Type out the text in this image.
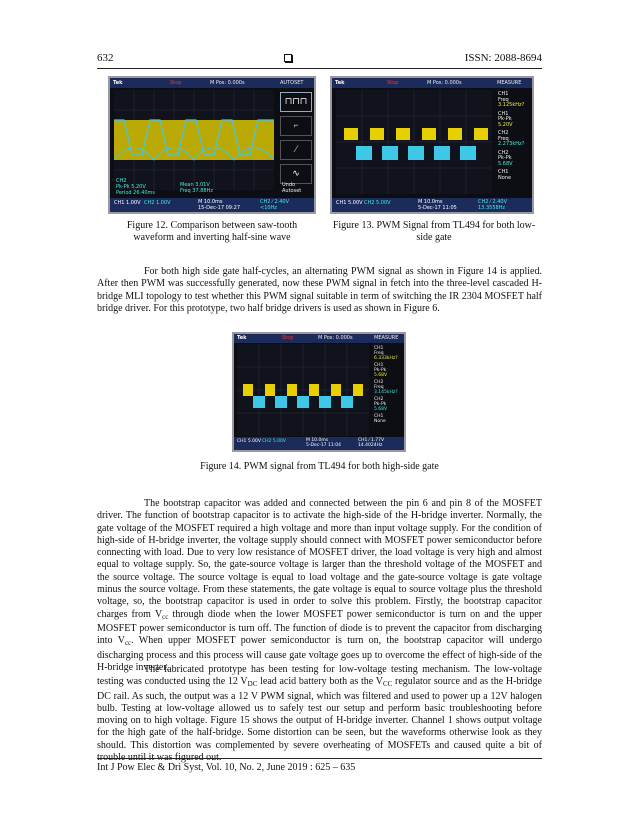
632	ISSN: 2088-8694
Tek	Stop	M Pos: 0.000s	AUTOSET
⊓⊓⊓
⌐
⁄
∿
CH2
Pk-Pk 5.20V
Period 26.40ms
Mean 3.01V
Freq 37.88Hz
Undo
Autoset
CH1 1.00V CH2 1.00V	M 10.0ms
15-Dec-17 09:27
CH2 ⁄ 2.40V
<10Hz
Tek	Stop	M Pos: 0.000s	MEASURE
CH1
Freq
3.125kHz?
CH1
Pk-Pk
5.20V
CH2
Freq
2.273kHz?
CH2
Pk-Pk
5.68V
CH1
None
CH1 5.00V CH2 5.00V	M 10.0ms
5-Dec-17 11:05
CH2 ⁄ 2.40V
13.3558Hz
Figure 12. Comparison between saw-tooth
waveform and inverting half-sine wave
Figure 13. PWM Signal from TL494 for both low-
side gate

For both high side gate half-cycles, an alternating PWM signal as shown in Figure 14 is applied. After then PWM was successfully generated, now these PWM signal in fetch into the three-level cascaded H-bridge MLI topology to test whether this PWM signal suitable in term of switching the IR 2304 MOSFET half bridge driver. For this prototype, two half bridge drivers is used as shown in Figure 6.

Tek	Stop	M Pos: 0.000s	MEASURE
CH1
Freq
6.333kHz?
CH1
Pk-Pk
5.68V
CH2
Freq
3.145kHz?
CH2
Pk-Pk
5.68V
CH1
None
CH1 5.00V CH2 5.00V	M 10.0ms
5-Dec-17 11:04
CH1 ⁄ 1.77V
14.4024Hz
Figure 14. PWM signal from TL494 for both high-side gate

The bootstrap capacitor was added and connected between the pin 6 and pin 8 of the MOSFET driver. The function of bootstrap capacitor is to activate the high-side of the H-bridge inverter. Normally, the gate voltage of the MOSFET required a high voltage and more than input voltage supply. For the condition of high-side of H-bridge inverter, the voltage supply should connect with MOSFET power semiconductor before connecting with load. Due to very low resistance of MOSFET driver, the load voltage is very high and almost equal to voltage supply. So, the gate-source voltage is larger than the threshold voltage of the MOSFET and the source voltage. The source voltage is equal to load voltage and the gate-source voltage is gate voltage minus the source voltage. From these statements, the gate voltage is equal to source voltage plus the threshold voltage, so, the bootstrap capacitor is used in order to solve this problem. Firstly, the bootstrap capacitor charges from $V_{cc}$ through diode when the lower MOSFET power semiconductor is turn on and the upper MOSFET power semiconductor is turn off. The function of diode is to prevent the capacitor from discharging into $V_{cc}$. When upper MOSFET power semiconductor is turn on, the bootstrap capacitor will undergo discharging process and this process will cause gate voltage goes up to overcome the effect of high-side of the H-bridge inverter.

The fabricated prototype has been testing for low-voltage testing mechanism. The low-voltage testing was conducted using the 12 $V_{DC}$ lead acid battery both as the $V_{CC}$ regulator source and as the H-bridge DC rail. As such, the output was a 12 V PWM signal, which was filtered and used to power up a 12V halogen bulb. Testing at low-voltage allowed us to safely test our setup and perform basic troubleshooting before moving on to high voltage. Figure 15 shows the output of H-bridge inverter. Channel 1 shows output voltage for the high gate of the half-bridge. Some distortion can be seen, but the waveforms otherwise look as they should. This distortion was complemented by severe overheating of MOSFETs and caused quite a bit of

Int J Pow Elec & Dri Syst, Vol. 10, No. 2, June 2019 : 625 – 635
